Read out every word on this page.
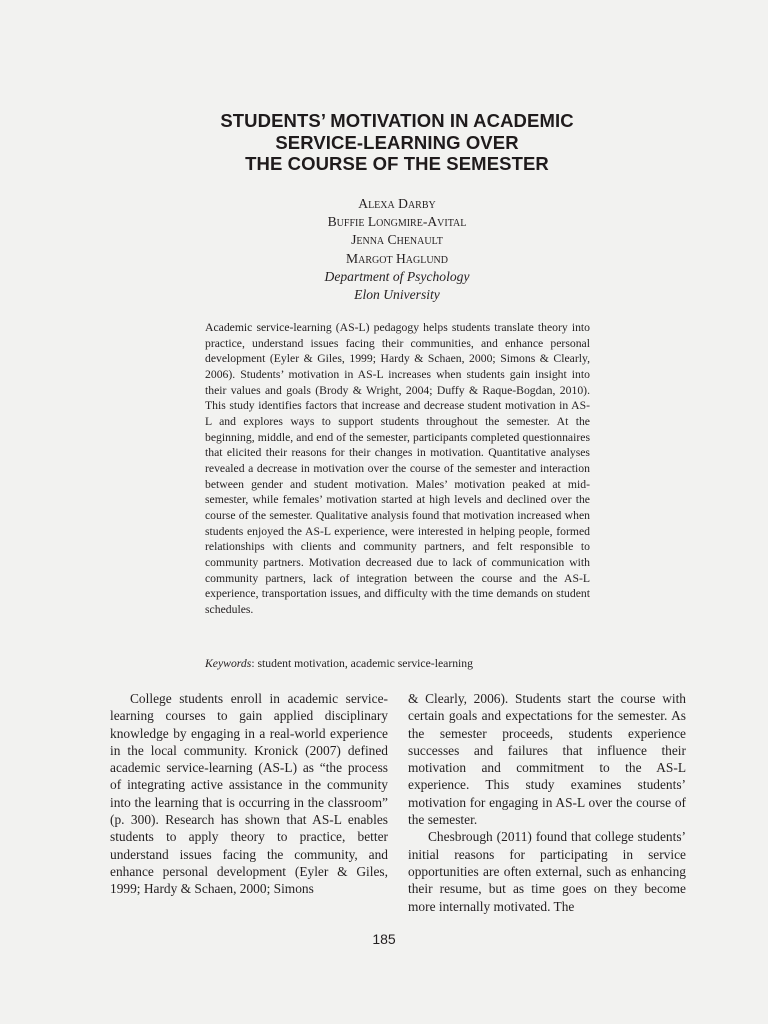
STUDENTS’ MOTIVATION IN ACADEMIC
SERVICE-LEARNING OVER
THE COURSE OF THE SEMESTER
Alexa Darby
Buffie Longmire-Avital
Jenna Chenault
Margot Haglund
Department of Psychology
Elon University
Academic service-learning (AS-L) pedagogy helps students translate theory into practice, understand issues facing their communities, and enhance personal development (Eyler & Giles, 1999; Hardy & Schaen, 2000; Simons & Clearly, 2006). Students’ motivation in AS-L increases when students gain insight into their values and goals (Brody & Wright, 2004; Duffy & Raque-Bogdan, 2010). This study identifies factors that increase and decrease student motivation in AS-L and explores ways to support students throughout the semester. At the beginning, middle, and end of the semester, participants completed questionnaires that elicited their reasons for their changes in motivation. Quantitative analyses revealed a decrease in motivation over the course of the semester and interaction between gender and student motivation. Males’ motivation peaked at mid-semester, while females’ motivation started at high levels and declined over the course of the semester. Qualitative analysis found that motivation increased when students enjoyed the AS-L experience, were interested in helping people, formed relationships with clients and community partners, and felt responsible to community partners. Motivation decreased due to lack of communication with community partners, lack of integration between the course and the AS-L experience, transportation issues, and difficulty with the time demands on student schedules.
Keywords: student motivation, academic service-learning

College students enroll in academic service-learning courses to gain applied disciplinary knowledge by engaging in a real-world experience in the local community. Kronick (2007) defined academic service-learning (AS-L) as “the process of integrating active assistance in the community into the learning that is occurring in the classroom” (p. 300). Research has shown that AS-L enables students to apply theory to practice, better understand issues facing the community, and enhance personal development (Eyler & Giles, 1999; Hardy & Schaen, 2000; Simons

& Clearly, 2006). Students start the course with certain goals and expectations for the semester. As the semester proceeds, students experience successes and failures that influence their motivation and commitment to the AS-L experience. This study examines students’ motivation for engaging in AS-L over the course of the semester.

Chesbrough (2011) found that college students’ initial reasons for participating in service opportunities are often external, such as enhancing their resume, but as time goes on they become more internally motivated. The

185
